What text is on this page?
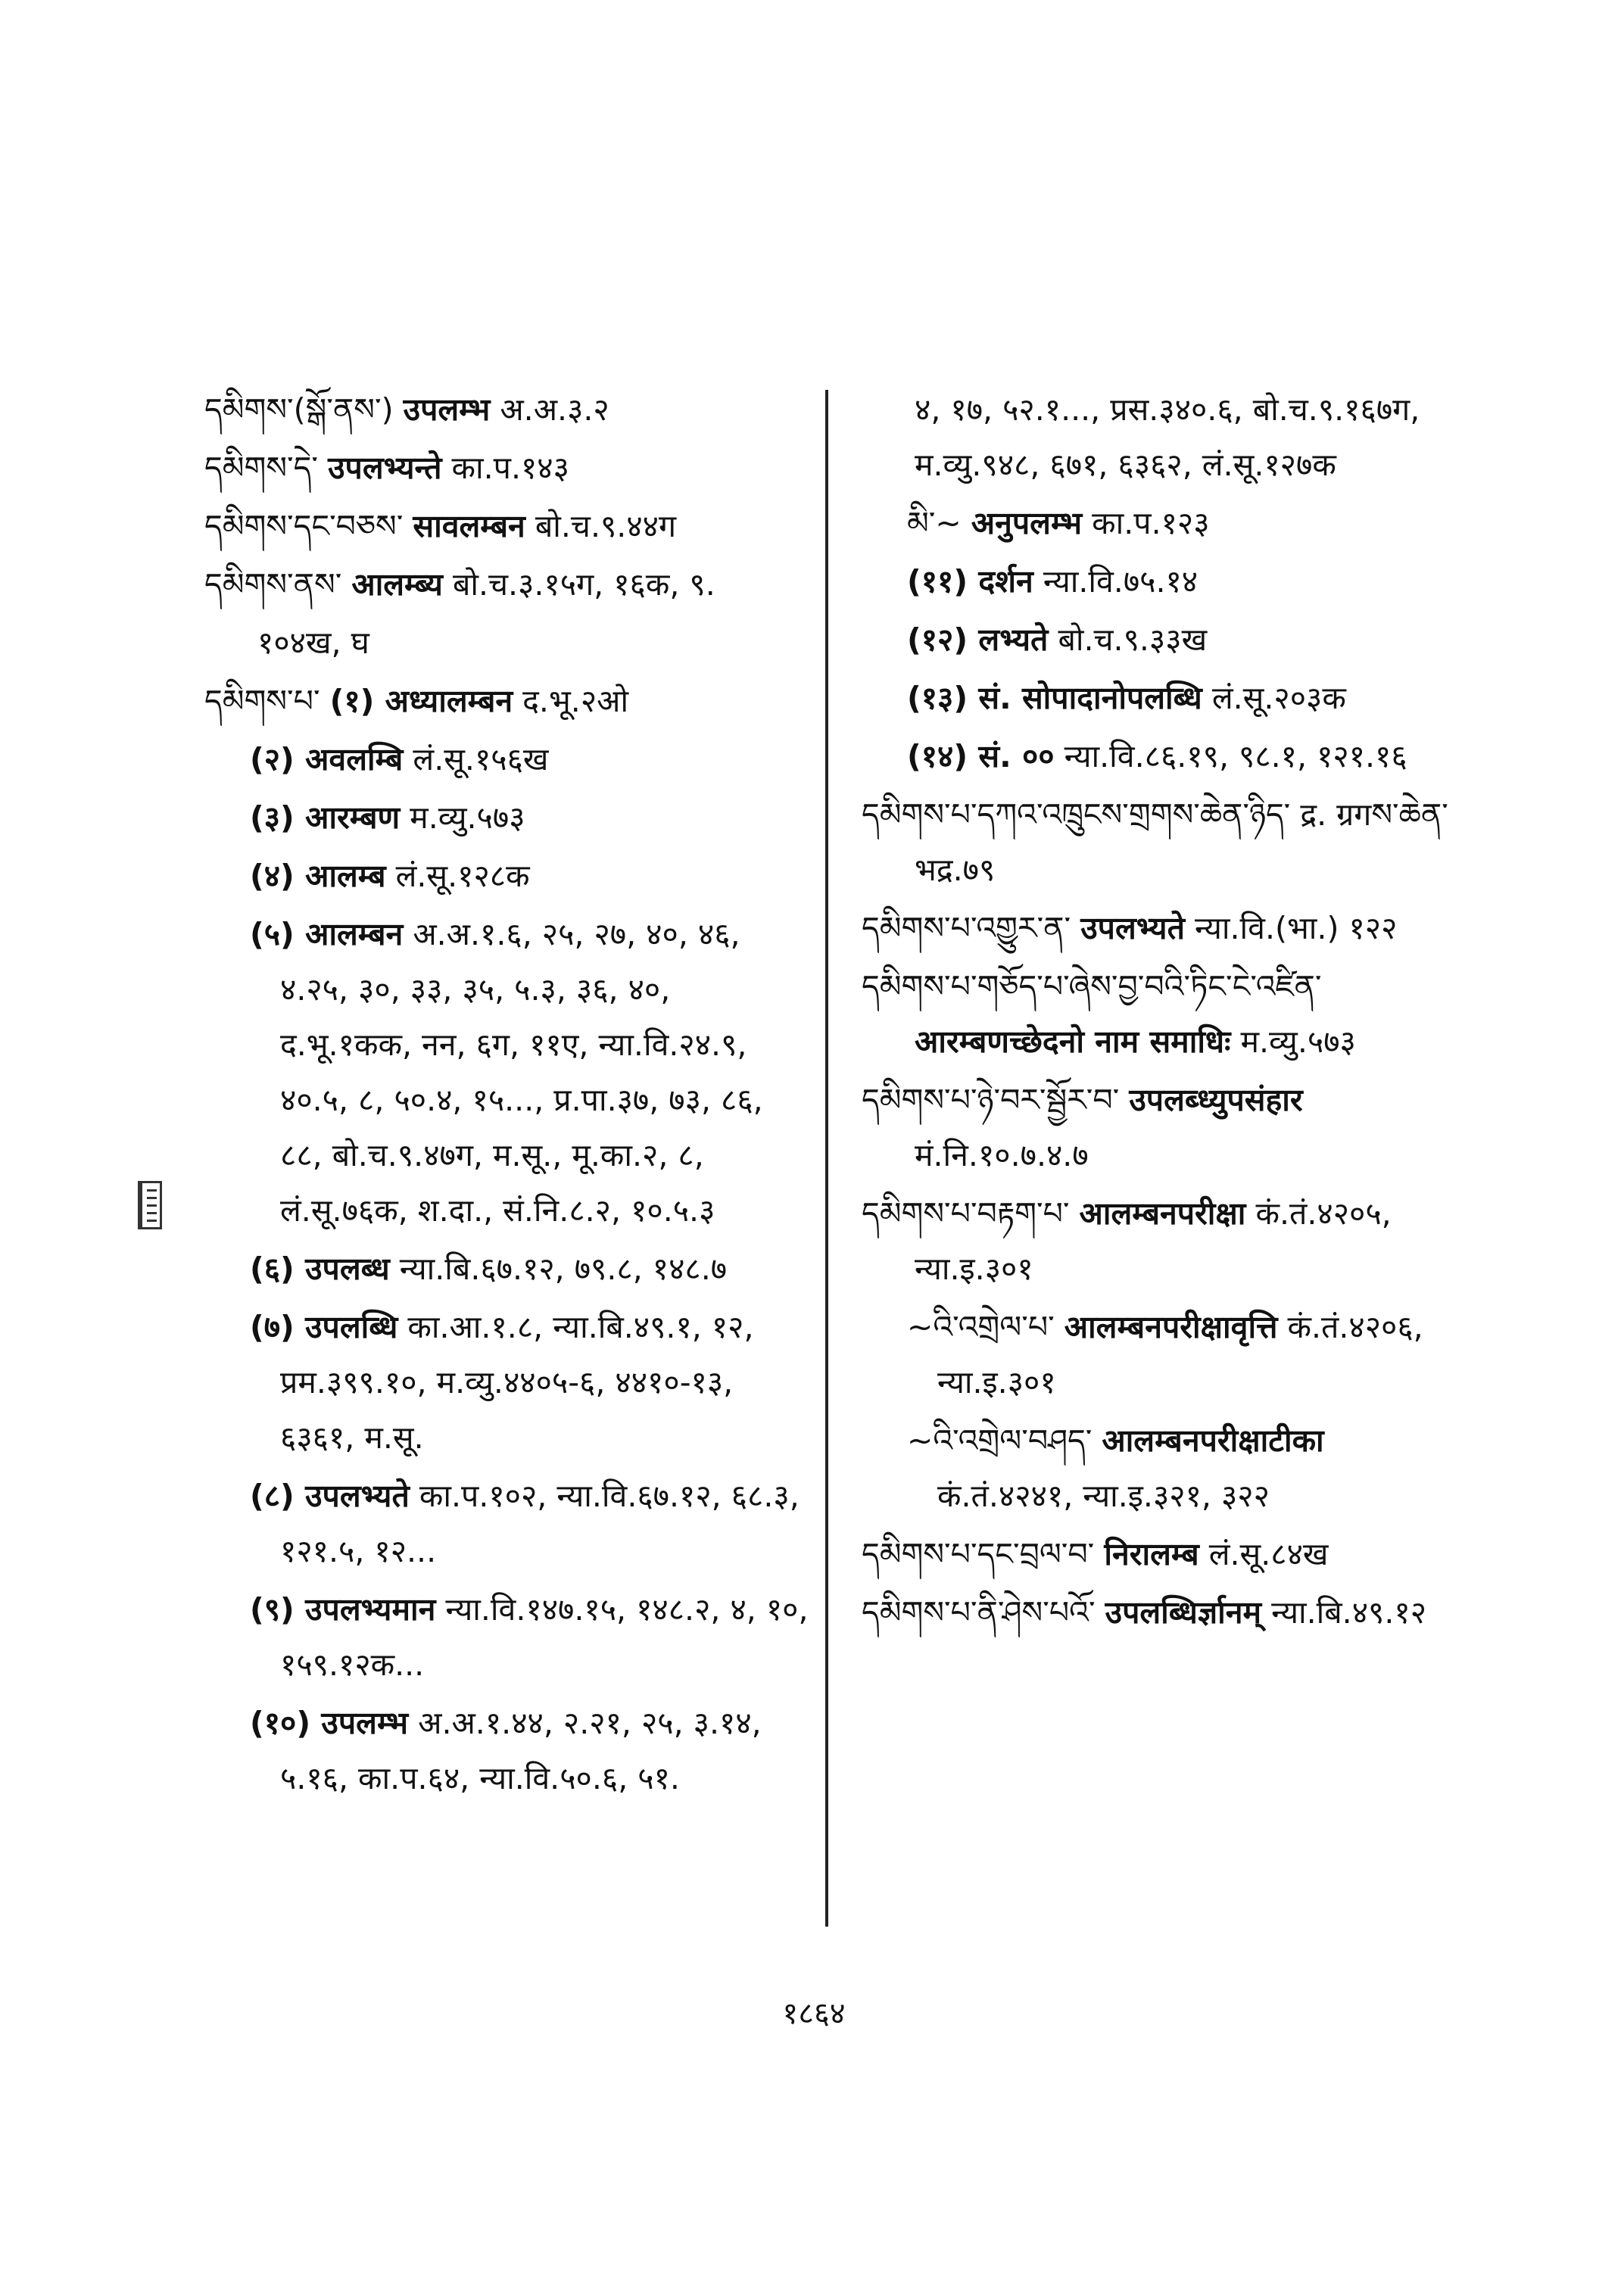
དམིགས་(སྒོ་ནས་) उपलम्भ अ.अ.३.२
དམིགས་དེ་ उपलभ्यन्ते का.प.१४३
དམིགས་དང་བཅས་ सावलम्बन बो.च.९.४४ग
དམིགས་ནས་ आलम्ब्य बो.च.३.१५ग, १६क, ९.
१०४ख, घ
དམིགས་པ་ (१) अध्यालम्बन द.भू.२ओ
(२) अवलम्बि लं.सू.१५६ख
(३) आरम्बण म.व्यु.५७३
(४) आलम्ब लं.सू.१२८क
(५) आलम्बन अ.अ.१.६, २५, २७, ४०, ४६, ४.२५, ३०, ३३, ३५, ५.३, ३६, ४०, द.भू.१कक, नन, ६ग, ११ए, न्या.वि.२४.९, ४०.५, ८, ५०.४, १५..., प्र.पा.३७, ७३, ८६, ८८, बो.च.९.४७ग, म.सू., मू.का.२, ८, लं.सू.७६क, श.दा., सं.नि.८.२, १०.५.३
(६) उपलब्ध न्या.बि.६७.१२, ७९.८, १४८.७
(७) उपलब्धि का.आ.१.८, न्या.बि.४९.१, १२, प्रम.३९९.१०, म.व्यु.४४०५-६, ४४१०-१३, ६३६१, म.सू.
(८) उपलभ्यते का.प.१०२, न्या.वि.६७.१२, ६८.३, १२१.५, १२...
(९) उपलभ्यमान न्या.वि.१४७.१५, १४८.२, ४, १०, १५९.१२क...
(१०) उपलम्भ अ.अ.१.४४, २.२१, २५, ३.१४, ५.१६, का.प.६४, न्या.वि.५०.६, ५१.
४, १७, ५२.१..., प्रस.३४०.६, बो.च.९.१६७ग, म.व्यु.९४८, ६७१, ६३६२, लं.सू.१२७क
མི་~ अनुपलम्भ का.प.१२३
(११) दर्शन न्या.वि.७५.१४
(१२) लभ्यते बो.च.९.३३ख
(१३) सं. सोपादानोपलब्धि लं.सू.२०३क
(१४) सं. ०० न्या.वि.८६.१९, ९८.१, १२१.१६
དམིགས་པ་དཀའ་འཁྲུངས་གྲགས་ཆེན་ཉིད་ द्र. ग्रगས་ཆེན་ भद्र.७९
དམིགས་པ་འགྱུར་ན་ उपलभ्यते न्या.वि.(भा.) १२२
དམིགས་པ་གཅོད་པ་ཞེས་བྱ་བའི་ཏིང་ངེ་འཛིན་ आरम्बणच्छेदनो नाम समाधिः म.व्यु.५७३
དམིགས་པ་ཉེ་བར་སྦྱོར་བ་ उपलब्ध्युपसंहार मं.नि.१०.७.४.७
དམིགས་པ་བརྟག་པ་ आलम्बनपरीक्षा कं.तं.४२०५, न्या.इ.३०१
~འི་འགྲེལ་པ་ आलम्बनपरीक्षावृत्ति कं.तं.४२०६, न्या.इ.३०१
~འི་འགྲེལ་བཤད་ आलम्बनपरीक्षाटीका कं.तं.४२४१, न्या.इ.३२१, ३२२
དམིགས་པ་དང་བྲལ་བ་ निरालम्ब लं.सू.८४ख
དམིགས་པ་ནི་ཤེས་པའོ་ उपलब्धिर्ज्ञानम् न्या.बि.४९.१२
१८६४
